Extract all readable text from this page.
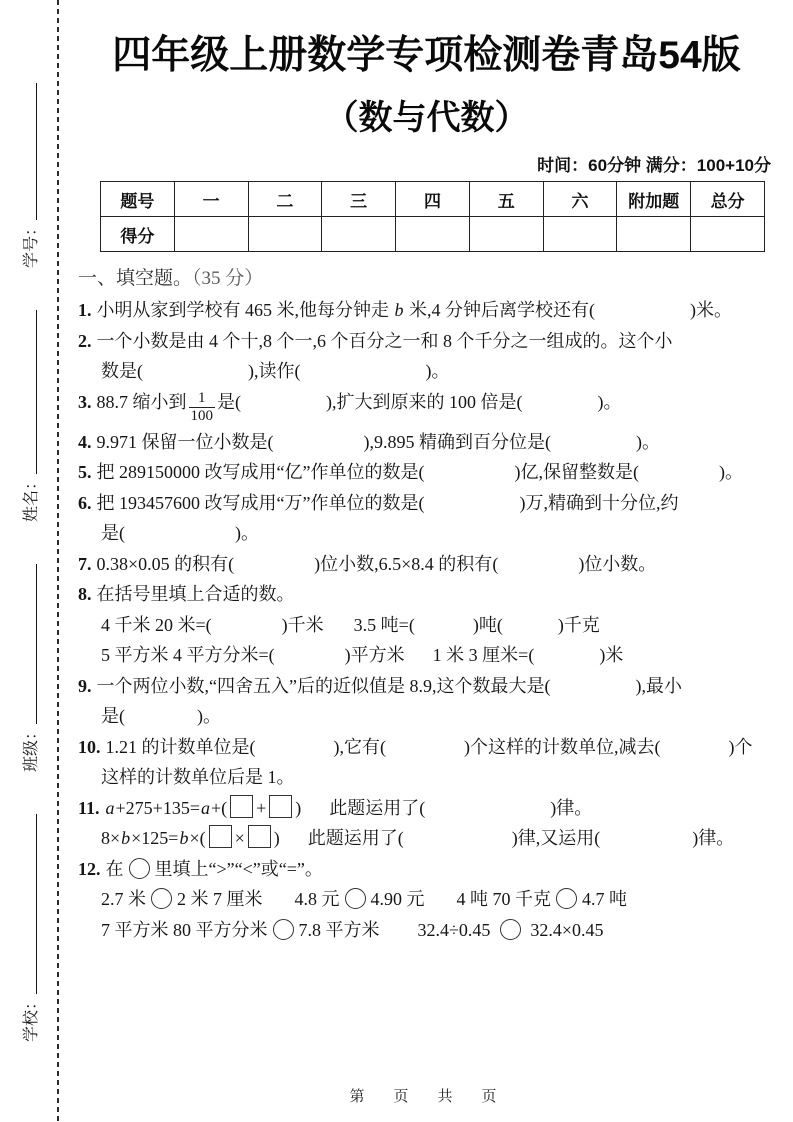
学号：
姓名：
班级：
学校：
四年级上册数学专项检测卷青岛54版
（数与代数）
时间：60分钟 满分：100+10分
题号	一	二	三	四	五	六	附加题	总分
得分								
一、填空题。（35 分）
1. 小明从家到学校有 465 米,他每分钟走 b 米,4 分钟后离学校还有(	)米。
2. 一个小数是由 4 个十,8 个一,6 个百分之一和 8 个千分之一组成的。这个小
数是(	),读作(	)。
3. 88.7 缩小到 $\frac{1}{100}$ 是(	),扩大到原来的 100 倍是(	)。
4. 9.971 保留一位小数是(	),9.895 精确到百分位是(	)。
5. 把 289150000 改写成用“亿”作单位的数是(	)亿,保留整数是(	)。
6. 把 193457600 改写成用“万”作单位的数是(	)万,精确到十分位,约
是(	)。
7. 0.38×0.05 的积有(	)位小数,6.5×8.4 的积有(	)位小数。
8. 在括号里填上合适的数。
4 千米 20 米=(	)千米 3.5 吨=(	)吨(	)千克
5 平方米 4 平方分米=(	)平方米 1 米 3 厘米=(	)米
9. 一个两位小数,“四舍五入”后的近似值是 8.9,这个数最大是(	),最小
是(	)。
10. 1.21 的计数单位是(	),它有(	)个这样的计数单位,减去(	)个
这样的计数单位后是 1。
11. a+275+135=a+( + ) 此题运用了(	)律。
8×b×125=b×( × ) 此题运用了(	)律,又运用(	)律。
12. 在 里填上“>”“<”或“=”。
2.7 米 2 米 7 厘米 4.8 元 4.90 元 4 吨 70 千克 4.7 吨
7 平方米 80 平方分米 7.8 平方米 32.4÷0.45  32.4×0.45
第　页　共　页
